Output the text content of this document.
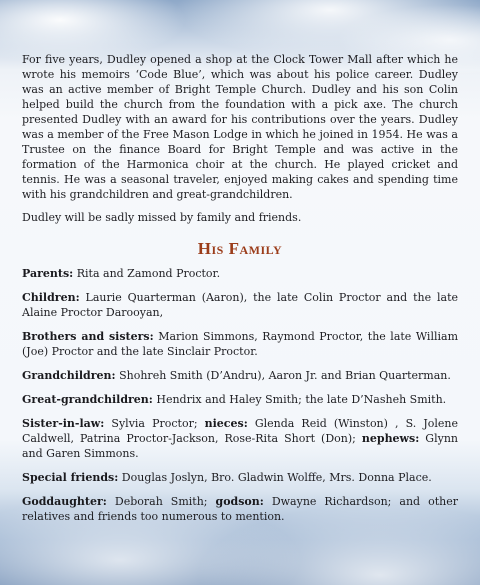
For five years, Dudley opened a shop at the Clock Tower Mall after which he wrote his memoirs ‘Code Blue’, which was about his police career. Dudley was an active member of Bright Temple Church. Dudley and his son Colin helped build the church from the foundation with a pick axe. The church presented Dudley with an award for his contributions over the years. Dudley was a member of the Free Mason Lodge in which he joined in 1954. He was a Trustee on the finance Board for Bright Temple and was active in the formation of the Harmonica choir at the church. He played cricket and tennis. He was a seasonal traveler, enjoyed making cakes and spending time with his grandchildren and great-grandchildren.

Dudley will be sadly missed by family and friends.

His Family

Parents: Rita and Zamond Proctor.

Children: Laurie Quarterman (Aaron), the late Colin Proctor and the late Alaine Proctor Darooyan,

Brothers and sisters: Marion Simmons, Raymond Proctor, the late William (Joe) Proctor and the late Sinclair Proctor.

Grandchildren: Shohreh Smith (D’Andru), Aaron Jr. and Brian Quarterman.

Great-grandchildren: Hendrix and Haley Smith; the late D’Nasheh Smith.

Sister-in-law: Sylvia Proctor; nieces: Glenda Reid (Winston) , S. Jolene Caldwell, Patrina Proctor-Jackson, Rose-Rita Short (Don); nephews: Glynn and Garen Simmons.

Special friends: Douglas Joslyn, Bro. Gladwin Wolffe, Mrs. Donna Place.

Goddaughter: Deborah Smith; godson: Dwayne Richardson; and other relatives and friends too numerous to mention.
